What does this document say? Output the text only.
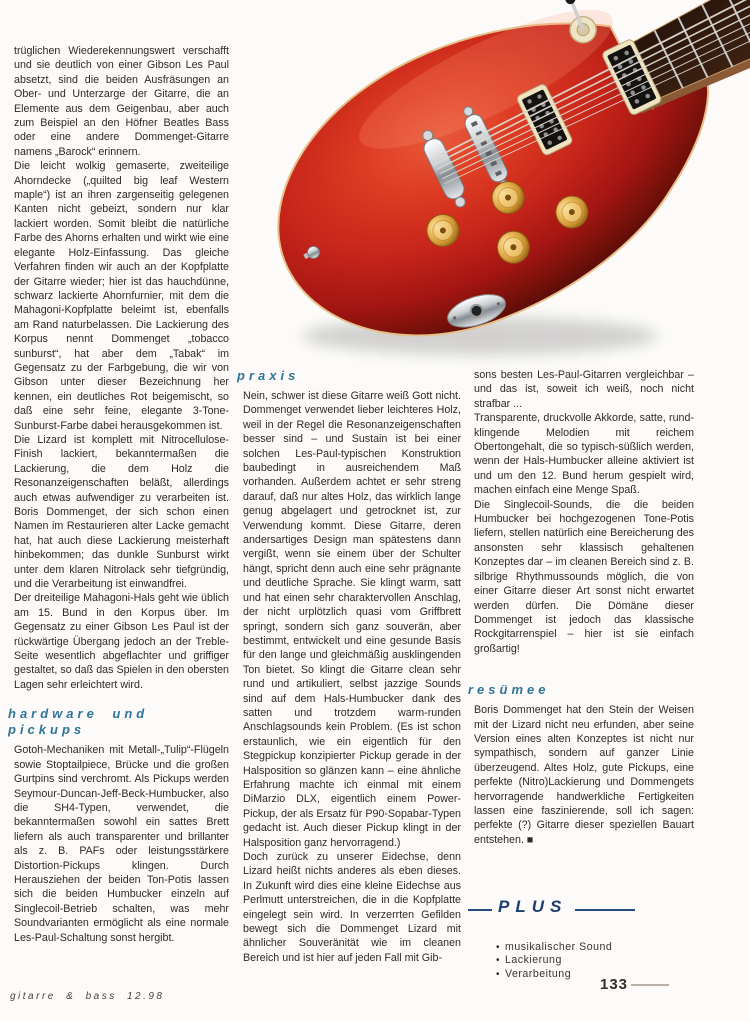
trüglichen Wiederekennungswert verschafft und sie deutlich von einer Gibson Les Paul absetzt, sind die beiden Ausfräsungen an Ober- und Unterzarge der Gitarre, die an Elemente aus dem Geigenbau, aber auch zum Beispiel an den Höfner Beatles Bass oder eine andere Dommenget-Gitarre namens „Barock“ erinnern.

Die leicht wolkig gemaserte, zweiteilige Ahorndecke („quilted big leaf Western maple“) ist an ihren zargenseitig gelegenen Kanten nicht gebeizt, sondern nur klar lackiert worden. Somit bleibt die natürliche Farbe des Ahorns erhalten und wirkt wie eine elegante Holz-Einfassung. Das gleiche Verfahren finden wir auch an der Kopfplatte der Gitarre wieder; hier ist das hauchdünne, schwarz lackierte Ahornfurnier, mit dem die Mahagoni-Kopfplatte beleimt ist, ebenfalls am Rand naturbelassen. Die Lackierung des Korpus nennt Dommenget „tobacco sunburst“, hat aber dem „Tabak“ im Gegensatz zu der Farbgebung, die wir von Gibson unter dieser Bezeichnung her kennen, ein deutliches Rot beigemischt, so daß eine sehr feine, elegante 3-Tone-Sunburst-Farbe dabei herausgekommen ist.

Die Lizard ist komplett mit Nitrocellulose-Finish lackiert, bekanntermaßen die Lackierung, die dem Holz die Resonanzeigenschaften beläßt, allerdings auch etwas aufwendiger zu verarbeiten ist. Boris Dommenget, der sich schon einen Namen im Restaurieren alter Lacke gemacht hat, hat auch diese Lackierung meisterhaft hinbekommen; das dunkle Sunburst wirkt unter dem klaren Nitrolack sehr tiefgründig, und die Verarbeitung ist einwandfrei.

Der dreiteilige Mahagoni-Hals geht wie üblich am 15. Bund in den Korpus über. Im Gegensatz zu einer Gibson Les Paul ist der rückwärtige Übergang jedoch an der Treble-Seite wesentlich abgeflachter und griffiger gestaltet, so daß das Spielen in den obersten Lagen sehr erleichtert wird.

hardware und
pickups

Gotoh-Mechaniken mit Metall-„Tulip“-Flügeln sowie Stoptailpiece, Brücke und die großen Gurtpins sind verchromt. Als Pickups werden Seymour-Duncan-Jeff-Beck-Humbucker, also die SH4-Typen, verwendet, die bekanntermaßen sowohl ein sattes Brett liefern als auch transparenter und brillanter als z. B. PAFs oder leistungsstärkere Distortion-Pickups klingen. Durch Herausziehen der beiden Ton-Potis lassen sich die beiden Humbucker einzeln auf Singlecoil-Betrieb schalten, was mehr Soundvarianten ermöglicht als eine normale Les-Paul-Schaltung sonst hergibt.

praxis

Nein, schwer ist diese Gitarre weiß Gott nicht. Dommenget verwendet lieber leichteres Holz, weil in der Regel die Resonanzeigenschaften besser sind – und Sustain ist bei einer solchen Les-Paul-typischen Konstruktion baubedingt in ausreichendem Maß vorhanden. Außerdem achtet er sehr streng darauf, daß nur altes Holz, das wirklich lange genug abgelagert und getrocknet ist, zur Verwendung kommt. Diese Gitarre, deren andersartiges Design man spätestens dann vergißt, wenn sie einem über der Schulter hängt, spricht denn auch eine sehr prägnante und deutliche Sprache. Sie klingt warm, satt und hat einen sehr charaktervollen Anschlag, der nicht urplötzlich quasi vom Griffbrett springt, sondern sich ganz souverän, aber bestimmt, entwickelt und eine gesunde Basis für den lange und gleichmäßig ausklingenden Ton bietet. So klingt die Gitarre clean sehr rund und artikuliert, selbst jazzige Sounds sind auf dem Hals-Humbucker dank des satten und trotzdem warm-runden Anschlagsounds kein Problem. (Es ist schon erstaunlich, wie ein eigentlich für den Stegpickup konzipierter Pickup gerade in der Halsposition so glänzen kann – eine ähnliche Erfahrung machte ich einmal mit einem DiMarzio DLX, eigentlich einem Power-Pickup, der als Ersatz für P90-Sopabar-Typen gedacht ist. Auch dieser Pickup klingt in der Halsposition ganz hervorragend.)

Doch zurück zu unserer Eidechse, denn Lizard heißt nichts anderes als eben dieses. In Zukunft wird dies eine kleine Eidechse aus Perlmutt unterstreichen, die in die Kopfplatte eingelegt sein wird. In verzerrten Gefilden bewegt sich die Dommenget Lizard mit ähnlicher Souveränität wie im cleanen Bereich und ist hier auf jeden Fall mit Gib-

sons besten Les-Paul-Gitarren vergleichbar – und das ist, soweit ich weiß, noch nicht strafbar ...

Transparente, druckvolle Akkorde, satte, rund-klingende Melodien mit reichem Obertongehalt, die so typisch-süßlich werden, wenn der Hals-Humbucker alleine aktiviert ist und um den 12. Bund herum gespielt wird, machen einfach eine Menge Spaß.

Die Singlecoil-Sounds, die die beiden Humbucker bei hochgezogenen Tone-Potis liefern, stellen natürlich eine Bereicherung des ansonsten sehr klassisch gehaltenen Konzeptes dar – im cleanen Bereich sind z. B. silbrige Rhythmussounds möglich, die von einer Gitarre dieser Art sonst nicht erwartet werden dürfen. Die Dömäne dieser Dommenget ist jedoch das klassische Rockgitarrenspiel – hier ist sie einfach großartig!

resümee

Boris Dommenget hat den Stein der Weisen mit der Lizard nicht neu erfunden, aber seine Version eines alten Konzeptes ist nicht nur sympathisch, sondern auf ganzer Linie überzeugend. Altes Holz, gute Pickups, eine perfekte (Nitro)Lackierung und Dommengets hervorragende handwerkliche Fertigkeiten lassen eine faszinierende, soll ich sagen: perfekte (?) Gitarre dieser speziellen Bauart entstehen. ■

PLUS
• musikalischer Sound
• Lackierung
• Verarbeitung
gitarre & bass 12.98
133
